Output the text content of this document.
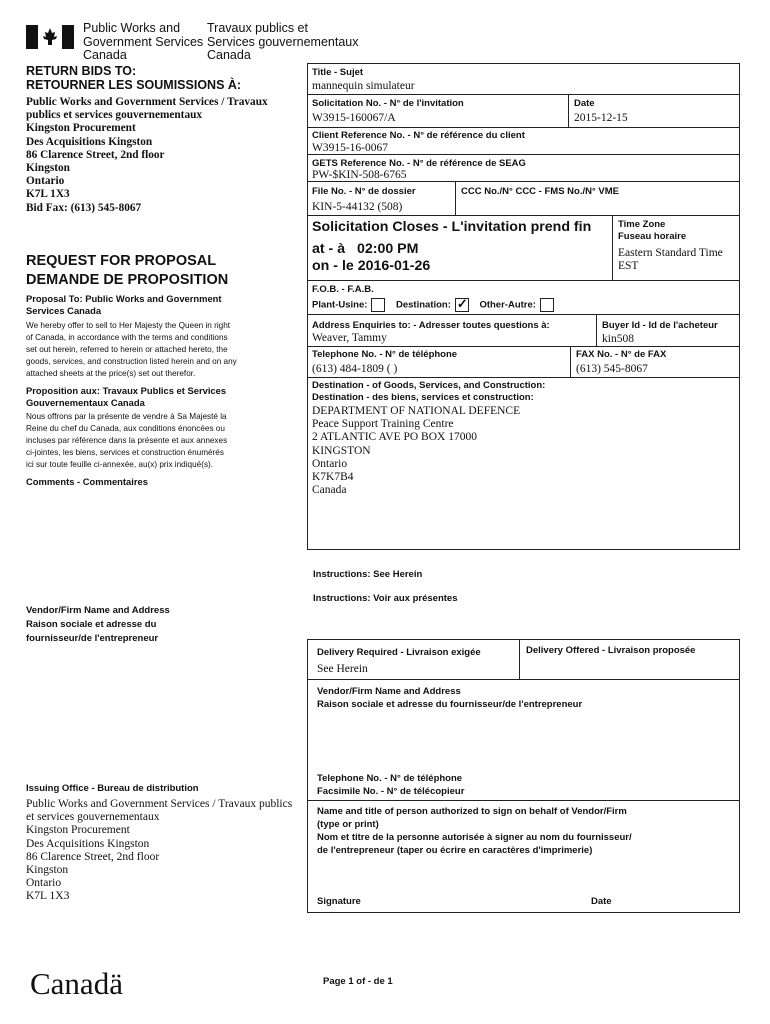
Public Works and
Government Services
Canada
Travaux publics et
Services gouvernementaux
Canada
RETURN BIDS TO:
RETOURNER LES SOUMISSIONS À:
Public Works and Government Services / Travaux
publics et services gouvernementaux
Kingston Procurement
Des Acquisitions Kingston
86 Clarence Street, 2nd floor
Kingston
Ontario
K7L 1X3
Bid Fax: (613) 545-8067
REQUEST FOR PROPOSAL
DEMANDE DE PROPOSITION
Proposal To: Public Works and Government
Services Canada
We hereby offer to sell to Her Majesty the Queen in right
of Canada, in accordance with the terms and conditions
set out herein, referred to herein or attached hereto, the
goods, services, and construction listed herein and on any
attached sheets at the price(s) set out therefor.
Proposition aux: Travaux Publics et Services
Gouvernementaux Canada
Nous offrons par la présente de vendre à Sa Majesté la
Reine du chef du Canada, aux conditions énoncées ou
incluses par référence dans la présente et aux annexes
ci-jointes, les biens, services et construction énumérés
ici sur toute feuille ci-annexée, au(x) prix indiqué(s).
Comments - Commentaires
Title - Sujet
mannequin simulateur
Solicitation No. - N° de l'invitation
W3915-160067/A
Date
2015-12-15
Client Reference No. - N° de référence du client
W3915-16-0067
GETS Reference No. - N° de référence de SEAG
PW-$KIN-508-6765
File No. - N° de dossier
KIN-5-44132 (508)
CCC No./N° CCC - FMS No./N° VME
Solicitation Closes - L'invitation prend fin
at - à 02:00 PM
on - le 2016-01-26
Time Zone
Fuseau horaire
Eastern Standard Time
EST
F.O.B. - F.A.B.
Plant-Usine:	Destination: ✓ Other-Autre:
Address Enquiries to: - Adresser toutes questions à:
Weaver, Tammy
Buyer Id - Id de l'acheteur
kin508
Telephone No. - N° de téléphone
(613) 484-1809 ( )
FAX No. - N° de FAX
(613) 545-8067
Destination - of Goods, Services, and Construction:
Destination - des biens, services et construction:
DEPARTMENT OF NATIONAL DEFENCE
Peace Support Training Centre
2 ATLANTIC AVE PO BOX 17000
KINGSTON
Ontario
K7K7B4
Canada
Instructions: See Herein
Instructions: Voir aux présentes
Vendor/Firm Name and Address
Raison sociale et adresse du
fournisseur/de l'entrepreneur
Delivery Required - Livraison exigée
See Herein
Delivery Offered - Livraison proposée
Vendor/Firm Name and Address
Raison sociale et adresse du fournisseur/de l'entrepreneur
Telephone No. - N° de téléphone
Facsimile No. - N° de télécopieur
Name and title of person authorized to sign on behalf of Vendor/Firm
(type or print)
Nom et titre de la personne autorisée à signer au nom du fournisseur/
de l'entrepreneur (taper ou écrire en caractères d'imprimerie)
Signature	Date
Issuing Office - Bureau de distribution
Public Works and Government Services / Travaux publics
et services gouvernementaux
Kingston Procurement
Des Acquisitions Kingston
86 Clarence Street, 2nd floor
Kingston
Ontario
K7L 1X3
Canadä	Page 1 of - de 1
